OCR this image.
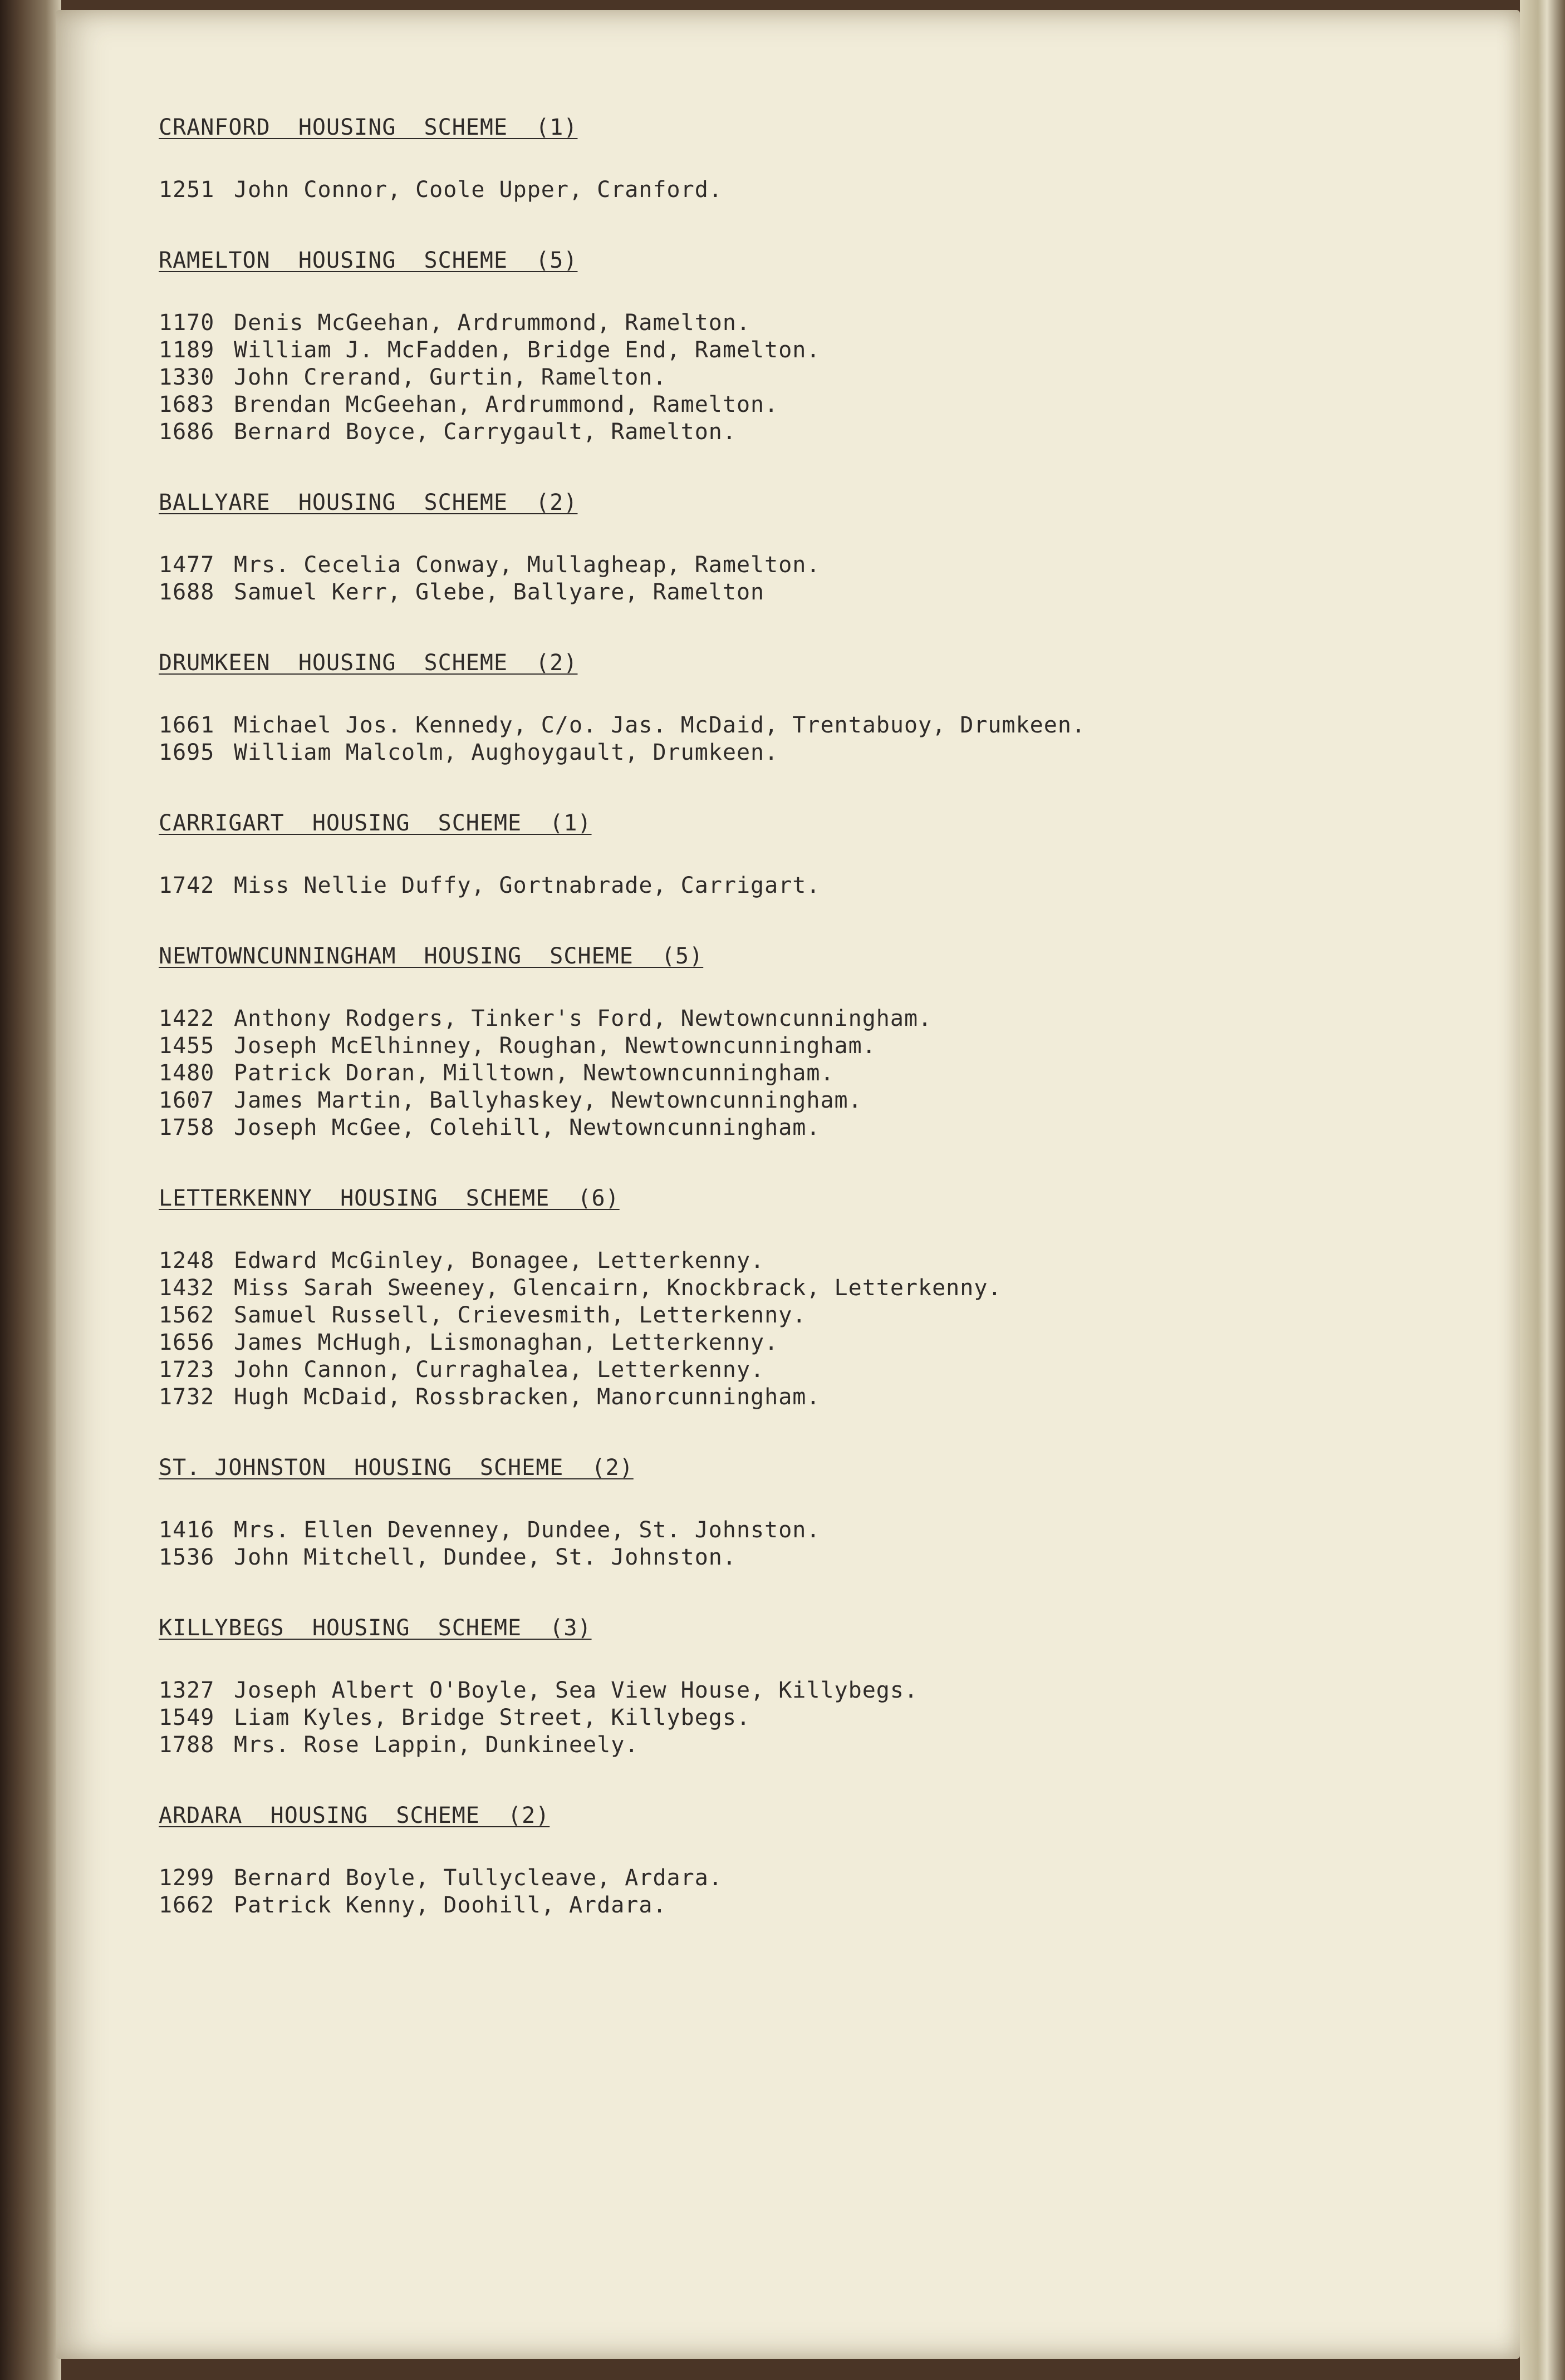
CRANFORD  HOUSING  SCHEME  (1)
1251 John Connor, Coole Upper, Cranford.
RAMELTON  HOUSING  SCHEME  (5)
1170 Denis McGeehan, Ardrummond, Ramelton.
1189 William J. McFadden, Bridge End, Ramelton.
1330 John Crerand, Gurtin, Ramelton.
1683 Brendan McGeehan, Ardrummond, Ramelton.
1686 Bernard Boyce, Carrygault, Ramelton.
BALLYARE  HOUSING  SCHEME  (2)
1477 Mrs. Cecelia Conway, Mullagheap, Ramelton.
1688 Samuel Kerr, Glebe, Ballyare, Ramelton
DRUMKEEN  HOUSING  SCHEME  (2)
1661 Michael Jos. Kennedy, C/o. Jas. McDaid, Trentabuoy, Drumkeen.
1695 William Malcolm, Aughoygault, Drumkeen.
CARRIGART  HOUSING  SCHEME  (1)
1742 Miss Nellie Duffy, Gortnabrade, Carrigart.
NEWTOWNCUNNINGHAM  HOUSING  SCHEME  (5)
1422 Anthony Rodgers, Tinker's Ford, Newtowncunningham.
1455 Joseph McElhinney, Roughan, Newtowncunningham.
1480 Patrick Doran, Milltown, Newtowncunningham.
1607 James Martin, Ballyhaskey, Newtowncunningham.
1758 Joseph McGee, Colehill, Newtowncunningham.
LETTERKENNY  HOUSING  SCHEME  (6)
1248 Edward McGinley, Bonagee, Letterkenny.
1432 Miss Sarah Sweeney, Glencairn, Knockbrack, Letterkenny.
1562 Samuel Russell, Crievesmith, Letterkenny.
1656 James McHugh, Lismonaghan, Letterkenny.
1723 John Cannon, Curraghalea, Letterkenny.
1732 Hugh McDaid, Rossbracken, Manorcunningham.
ST. JOHNSTON  HOUSING  SCHEME  (2)
1416 Mrs. Ellen Devenney, Dundee, St. Johnston.
1536 John Mitchell, Dundee, St. Johnston.
KILLYBEGS  HOUSING  SCHEME  (3)
1327 Joseph Albert O'Boyle, Sea View House, Killybegs.
1549 Liam Kyles, Bridge Street, Killybegs.
1788 Mrs. Rose Lappin, Dunkineely.
ARDARA  HOUSING  SCHEME  (2)
1299 Bernard Boyle, Tullycleave, Ardara.
1662 Patrick Kenny, Doohill, Ardara.
